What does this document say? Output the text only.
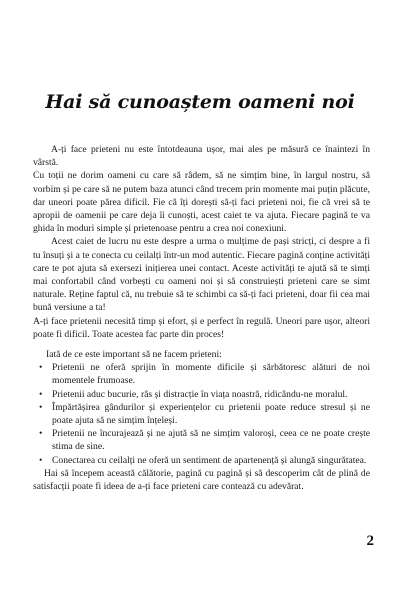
Hai să cunoaștem oameni noi

A-ți face prieteni nu este întotdeauna ușor, mai ales pe măsură ce înaintezi în vârstă.

Cu toții ne dorim oameni cu care să râdem, să ne simțim bine, în largul nostru, să vorbim și pe care să ne putem baza atunci când trecem prin momente mai puțin plăcute, dar uneori poate părea dificil. Fie că îți dorești să-ți faci prieteni noi, fie că vrei să te apropii de oamenii pe care deja îi cunoști, acest caiet te va ajuta. Fiecare pagină te va ghida în moduri simple și prietenoase pentru a crea noi conexiuni.

Acest caiet de lucru nu este despre a urma o mulțime de pași stricți, ci despre a fi tu însuți și a te conecta cu ceilalți într-un mod autentic. Fiecare pagină conține activități care te pot ajuta să exersezi inițierea unei contact. Aceste activități te ajută să te simți mai confortabil când vorbești cu oameni noi și să construiești prieteni care se simt naturale. Reține faptul că, nu trebuie să te schimbi ca să-ți faci prieteni, doar fii cea mai bună versiune a ta!

A-ți face prietenii necesită timp și efort, și e perfect în regulă. Uneori pare ușor, alteori poate fi dificil. Toate acestea fac parte din proces!

Iată de ce este important să ne facem prieteni:

• Prietenii ne oferă sprijin în momente dificile și sărbătoresc alături de noi momentele frumoase.
• Prietenii aduc bucurie, râs și distracție în viața noastră, ridicându-ne moralul.
• Împărtășirea gândurilor și experiențelor cu prietenii poate reduce stresul și ne poate ajuta să ne simțim înțeleși.
• Prietenii ne încurajează și ne ajută să ne simțim valoroși, ceea ce ne poate crește stima de sine.
• Conectarea cu ceilalți ne oferă un sentiment de apartenență și alungă singurătatea.

Hai să începem această călătorie, pagină cu pagină și să descoperim cât de plină de satisfacții poate fi ideea de a-ți face prieteni care contează cu adevărat.

2
